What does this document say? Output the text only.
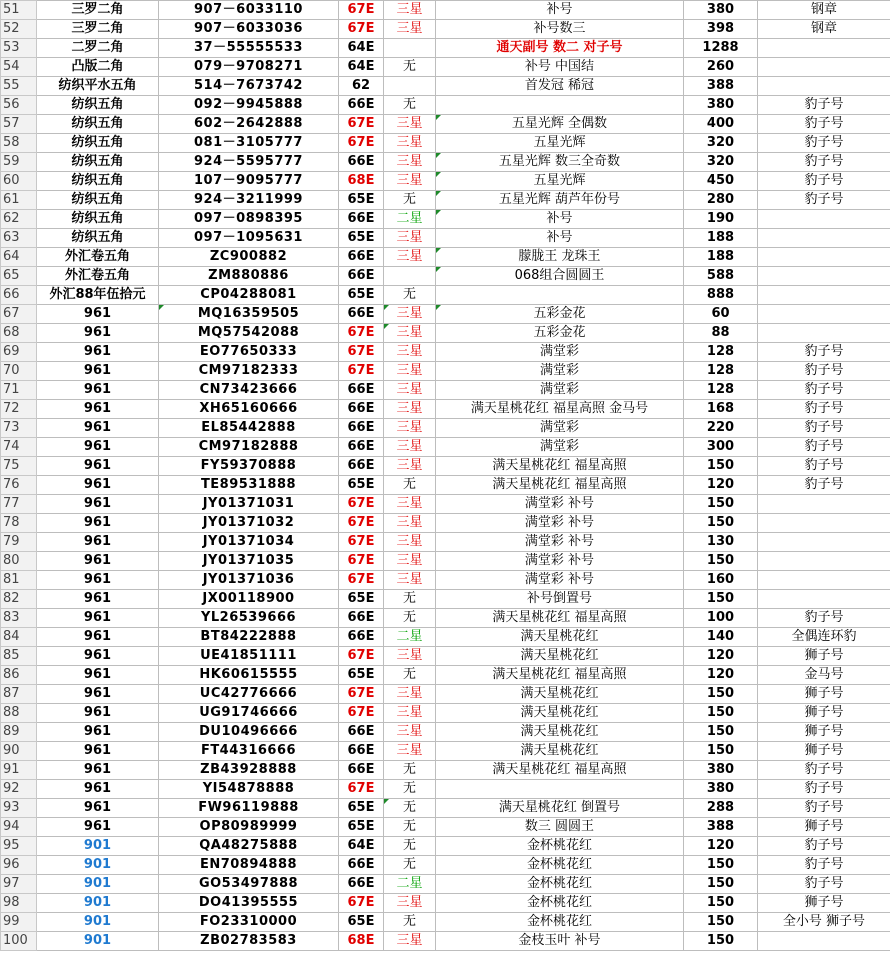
51	三罗二角	907－6033110	67E	三星	补号	380	钢章
52	三罗二角	907－6033036	67E	三星	补号数三	398	钢章
53	二罗二角	37－55555533	64E		通天副号 数二 对子号	1288	
54	凸版二角	079－9708271	64E	无	补号 中国结	260	
55	纺织平水五角	514－7673742	62		首发冠 稀冠	388	
56	纺织五角	092－9945888	66E	无		380	豹子号
57	纺织五角	602－2642888	67E	三星	五星光辉 全偶数	400	豹子号
58	纺织五角	081－3105777	67E	三星	五星光辉	320	豹子号
59	纺织五角	924－5595777	66E	三星	五星光辉 数三全奇数	320	豹子号
60	纺织五角	107－9095777	68E	三星	五星光辉	450	豹子号
61	纺织五角	924－3211999	65E	无	五星光辉 葫芦年份号	280	豹子号
62	纺织五角	097－0898395	66E	二星	补号	190	
63	纺织五角	097－1095631	65E	三星	补号	188	
64	外汇卷五角	ZC900882	66E	三星	朦胧王 龙珠王	188	
65	外汇卷五角	ZM880886	66E		068组合圆圆王	588	
66	外汇88年伍拾元	CP04288081	65E	无		888	
67	961	MQ16359505	66E	三星	五彩金花	60	
68	961	MQ57542088	67E	三星	五彩金花	88	
69	961	EO77650333	67E	三星	满堂彩	128	豹子号
70	961	CM97182333	67E	三星	满堂彩	128	豹子号
71	961	CN73423666	66E	三星	满堂彩	128	豹子号
72	961	XH65160666	66E	三星	满天星桃花红 福星高照 金马号	168	豹子号
73	961	EL85442888	66E	三星	满堂彩	220	豹子号
74	961	CM97182888	66E	三星	满堂彩	300	豹子号
75	961	FY59370888	66E	三星	满天星桃花红 福星高照	150	豹子号
76	961	TE89531888	65E	无	满天星桃花红 福星高照	120	豹子号
77	961	JY01371031	67E	三星	满堂彩 补号	150	
78	961	JY01371032	67E	三星	满堂彩 补号	150	
79	961	JY01371034	67E	三星	满堂彩 补号	130	
80	961	JY01371035	67E	三星	满堂彩 补号	150	
81	961	JY01371036	67E	三星	满堂彩 补号	160	
82	961	JX00118900	65E	无	补号倒置号	150	
83	961	YL26539666	66E	无	满天星桃花红 福星高照	100	豹子号
84	961	BT84222888	66E	二星	满天星桃花红	140	全偶连环豹
85	961	UE41851111	67E	三星	满天星桃花红	120	狮子号
86	961	HK60615555	65E	无	满天星桃花红 福星高照	120	金马号
87	961	UC42776666	67E	三星	满天星桃花红	150	狮子号
88	961	UG91746666	67E	三星	满天星桃花红	150	狮子号
89	961	DU10496666	66E	三星	满天星桃花红	150	狮子号
90	961	FT44316666	66E	三星	满天星桃花红	150	狮子号
91	961	ZB43928888	66E	无	满天星桃花红 福星高照	380	豹子号
92	961	YI54878888	67E	无		380	豹子号
93	961	FW96119888	65E	无	满天星桃花红 倒置号	288	豹子号
94	961	OP80989999	65E	无	数三 圆圆王	388	狮子号
95	901	QA48275888	64E	无	金杯桃花红	120	豹子号
96	901	EN70894888	66E	无	金杯桃花红	150	豹子号
97	901	GO53497888	66E	二星	金杯桃花红	150	豹子号
98	901	DO41395555	67E	三星	金杯桃花红	150	狮子号
99	901	FO23310000	65E	无	金杯桃花红	150	全小号 狮子号
100	901	ZB02783583	68E	三星	金枝玉叶 补号	150	
